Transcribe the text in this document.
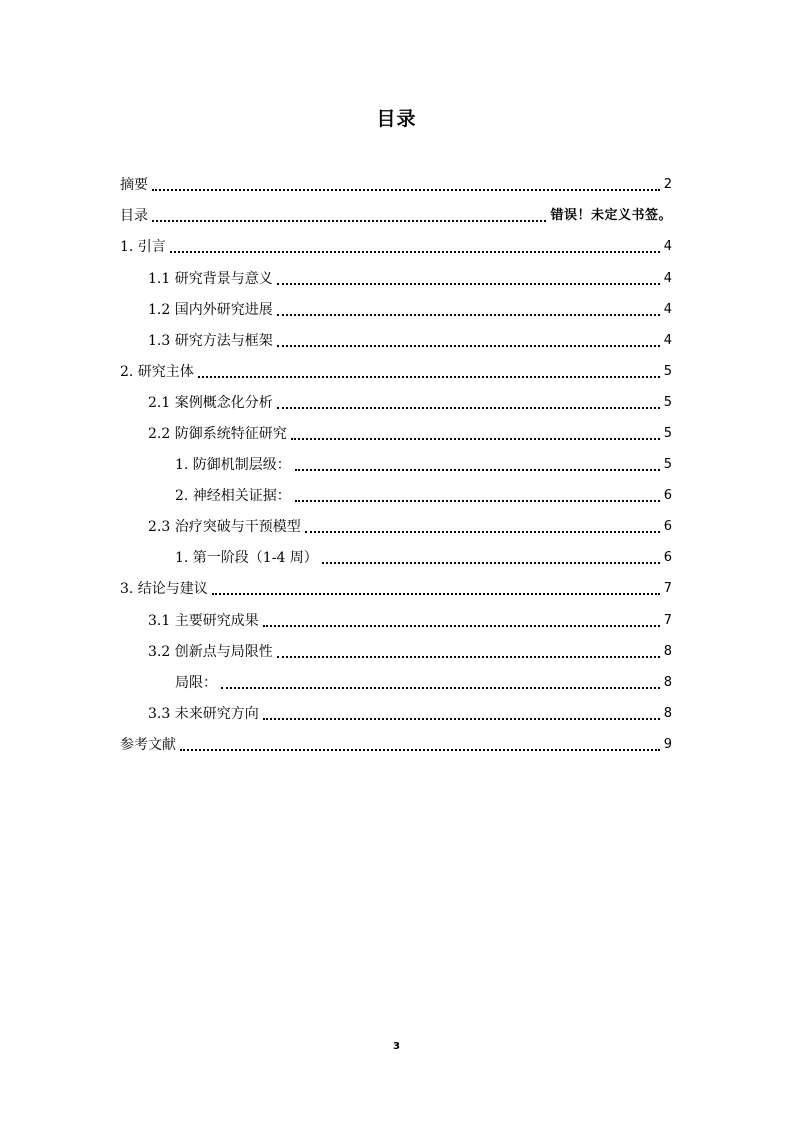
目录
摘要	2
目录	错误！未定义书签。
1. 引言	4
1.1 研究背景与意义	4
1.2 国内外研究进展	4
1.3 研究方法与框架	4
2. 研究主体	5
2.1 案例概念化分析	5
2.2 防御系统特征研究	5
1. 防御机制层级：	5
2. 神经相关证据：	6
2.3 治疗突破与干预模型	6
1. 第一阶段（1-4 周）	6
3. 结论与建议	7
3.1 主要研究成果	7
3.2 创新点与局限性	8
局限：	8
3.3 未来研究方向	8
参考文献	9
3
